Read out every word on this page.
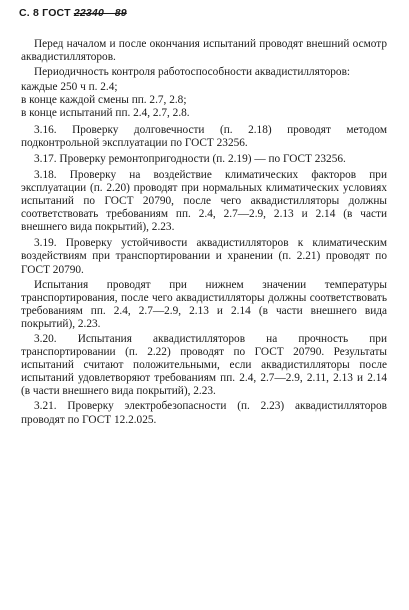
С. 8 ГОСТ 22340—89

Перед началом и после окончания испытаний проводят внешний осмотр аквадистилляторов.

Периодичность контроля работоспособности аквадистилляторов:

каждые 250 ч п. 2.4;

в конце каждой смены пп. 2.7, 2.8;

в конце испытаний пп. 2.4, 2.7, 2.8.

3.16. Проверку долговечности (п. 2.18) проводят методом подконтрольной эксплуатации по ГОСТ 23256.

3.17. Проверку ремонтопригодности (п. 2.19) — по ГОСТ 23256.

3.18. Проверку на воздействие климатических факторов при эксплуатации (п. 2.20) проводят при нормальных климатических условиях испытаний по ГОСТ 20790, после чего аквадистилляторы должны соответствовать требованиям пп. 2.4, 2.7—2.9, 2.13 и 2.14 (в части внешнего вида покрытий), 2.23.

3.19. Проверку устойчивости аквадистилляторов к климатическим воздействиям при транспортировании и хранении (п. 2.21) проводят по ГОСТ 20790.

Испытания проводят при нижнем значении температуры транспортирования, после чего аквадистилляторы должны соответствовать требованиям пп. 2.4, 2.7—2.9, 2.13 и 2.14 (в части внешнего вида покрытий), 2.23.

3.20. Испытания аквадистилляторов на прочность при транспортировании (п. 2.22) проводят по ГОСТ 20790. Результаты испытаний считают положительными, если аквадистилляторы после испытаний удовлетворяют требованиям пп. 2.4, 2.7—2.9, 2.11, 2.13 и 2.14 (в части внешнего вида покрытий), 2.23.

3.21. Проверку электробезопасности (п. 2.23) аквадистилляторов проводят по ГОСТ 12.2.025.
